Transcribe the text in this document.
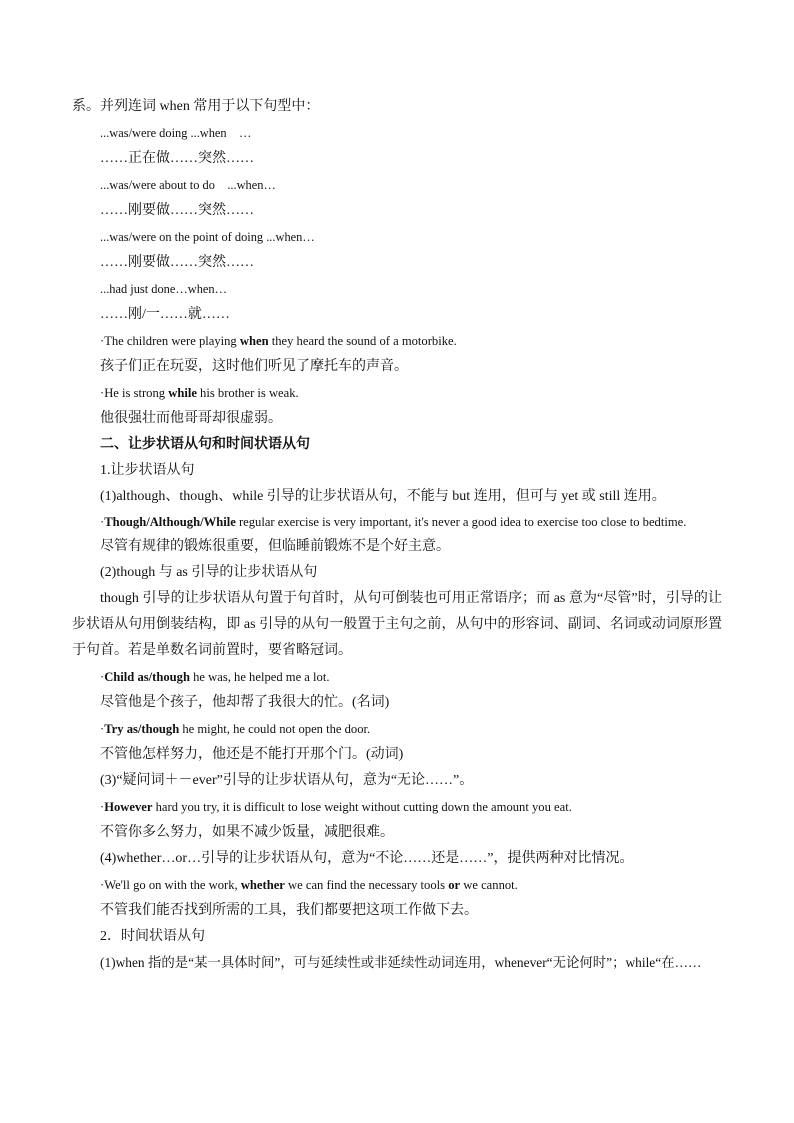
系。并列连词 when 常用于以下句型中：
...was/were doing ...when　…
……正在做……突然……
...was/were about to do　...when…
……刚要做……突然……
...was/were on the point of doing ...when…
……刚要做……突然……
...had just done…when…
……刚/一……就……
·The children were playing when they heard the sound of a motorbike.
孩子们正在玩耍，这时他们听见了摩托车的声音。
·He is strong while his brother is weak.
他很强壮而他哥哥却很虚弱。
二、让步状语从句和时间状语从句
1.让步状语从句
(1)although、though、while 引导的让步状语从句，不能与 but 连用，但可与 yet 或 still 连用。
·Though/Although/While regular exercise is very important, it's never a good idea to exercise too close to bedtime.
尽管有规律的锻炼很重要，但临睡前锻炼不是个好主意。
(2)though 与 as 引导的让步状语从句
though 引导的让步状语从句置于句首时，从句可倒装也可用正常语序；而 as 意为“尽管”时，引导的让步状语从句用倒装结构，即 as 引导的从句一般置于主句之前，从句中的形容词、副词、名词或动词原形置于句首。若是单数名词前置时，要省略冠词。
·Child as/though he was, he helped me a lot.
尽管他是个孩子，他却帮了我很大的忙。(名词)
·Try as/though he might, he could not open the door.
不管他怎样努力，他还是不能打开那个门。(动词)
(3)“疑问词＋－ever”引导的让步状语从句，意为“无论……”。
·However hard you try, it is difficult to lose weight without cutting down the amount you eat.
不管你多么努力，如果不减少饭量，减肥很难。
(4)whether…or…引导的让步状语从句，意为“不论……还是……”，提供两种对比情况。
·We'll go on with the work, whether we can find the necessary tools or we cannot.
不管我们能否找到所需的工具，我们都要把这项工作做下去。
2．时间状语从句
(1)when 指的是“某一具体时间”，可与延续性或非延续性动词连用，whenever“无论何时”；while“在……
